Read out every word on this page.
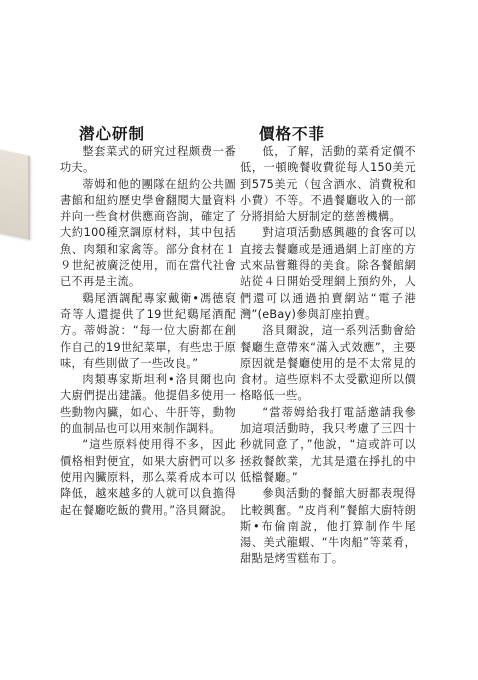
潜心研制

整套菜式的研究过程颇费一番功夫。

蒂姆和他的團隊在紐約公共圖書館和紐約歷史學會翻閱大量資料并向一些食材供應商咨詢，確定了大約100種烹調原材料，其中包括魚、肉類和家禽等。部分食材在１９世紀被廣泛使用，而在當代社會已不再是主流。

鷄尾酒調配專家戴衛•馮德裒奇等人還提供了19世紀鷄尾酒配方。蒂姆說：“每一位大廚都在創作自己的19世紀菜單，有些忠于原味，有些則做了一些改良。”

肉類專家斯坦利•洛貝爾也向大廚們提出建議。他提倡多使用一些動物內臟，如心、牛肝等，動物的血制品也可以用來制作調料。

“這些原料使用得不多，因此價格相對便宜，如果大廚們可以多使用內臟原料，那么菜肴成本可以降低，越來越多的人就可以負擔得起在餐廳吃飯的費用。”洛貝爾說。

價格不菲

低，了解，活動的菜肴定價不低，一頓晚餐收費從每人150美元到575美元（包含酒水、消費稅和小費）不等。不過餐廳收入的一部分將捐給大厨制定的慈善機構。

對這項活動感興趣的食客可以直接去餐廳或是通過網上訂座的方式來品嘗難得的美食。除各餐館網站從４日開始受理網上預約外，人們還可以通過拍賣網站“電子港灣”(eBay)參與訂座拍賣。

洛貝爾說，這一系列活動會給餐廳生意帶來“滿入式效應”，主要原因就是餐廳使用的是不太常見的食材。這些原料不太受歡迎所以價格略低一些。

“當蒂姆給我打電話邀請我參加這項活動時，我只考慮了三四十秒就同意了，”他說，“這或許可以拯救餐飲業，尤其是還在掙扎的中低檔餐廳。”

參與活動的餐館大厨都表現得比較興奮。“皮肖利”餐館大廚特朗斯•布倫南說，他打算制作牛尾湯、美式龍蝦、“牛肉船”等菜肴，甜點是烤雪糕布丁。
